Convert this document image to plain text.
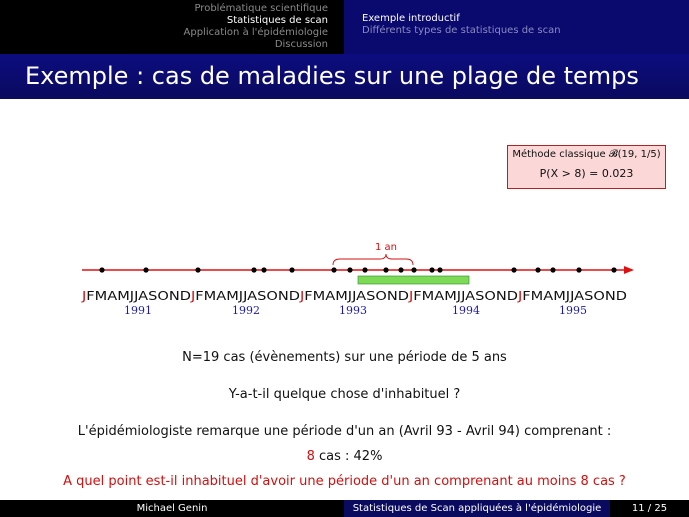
Problématique scientifique
Statistiques de scan
Application à l'épidémiologie
Discussion
Exemple introductif
Différents types de statistiques de scan
Exemple : cas de maladies sur une plage de temps
Méthode classique 𝓑(19, 1/5)
P(X > 8) = 0.023
1 an
JFMAMJJASOND	JFMAMJJASOND	JFMAMJJASOND	JFMAMJJASOND	JFMAMJJASOND
1991	1992	1993	1994	1995
N=19 cas (évènements) sur une période de 5 ans
Y-a-t-il quelque chose d'inhabituel ?
L'épidémiologiste remarque une période d'un an (Avril 93 - Avril 94) comprenant :
8 cas : 42%
A quel point est-il inhabituel d'avoir une période d'un an comprenant au moins 8 cas ?
Michael Genin	Statistiques de Scan appliquées à l'épidémiologie	11 / 25
